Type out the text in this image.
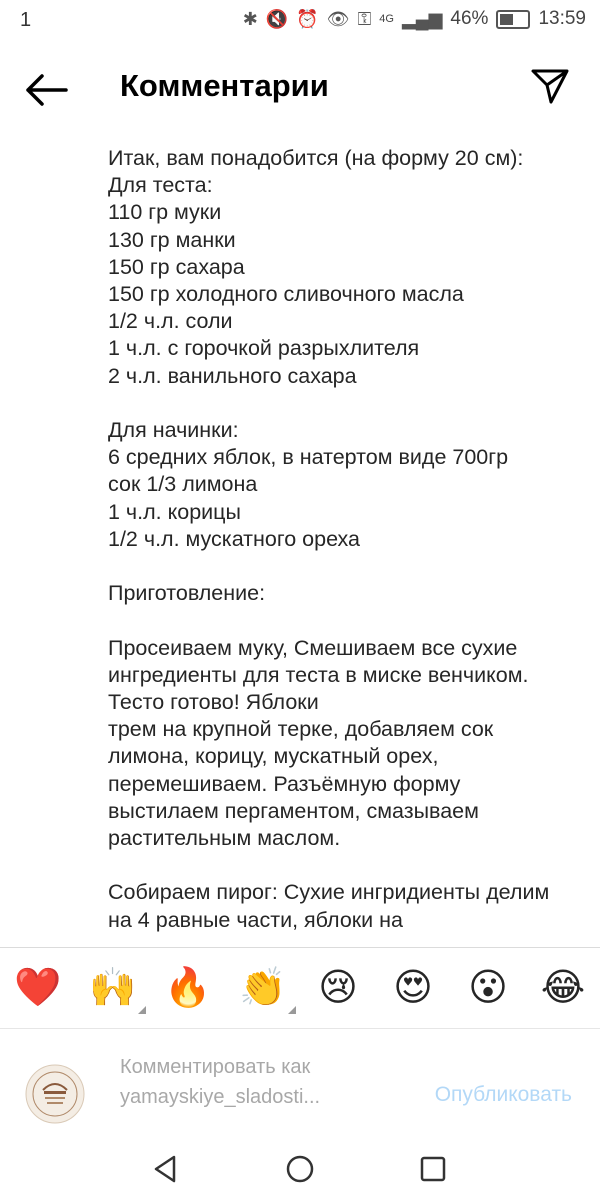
1	✱ 🔇 ⏰ 👁 ⚿ 4G ▂▄▆ 46%	13:59
Комментарии

Итак, вам понадобится (на форму 20 см):
Для теста:
110 гр муки
130 гр манки
150 гр сахара
150 гр холодного сливочного масла
1/2 ч.л. соли
1 ч.л. с горочкой разрыхлителя
2 ч.л. ванильного сахара

Для начинки:
6 средних яблок, в натертом виде 700гр
сок 1/3 лимона
1 ч.л. корицы
1/2 ч.л. мускатного ореха

Приготовление:

Просеиваем муку, Смешиваем все сухие ингредиенты для теста в миске венчиком. Тесто готово! Яблоки
трем на крупной терке, добавляем сок лимона, корицу, мускатный орех, перемешиваем. Разъёмную форму выстилаем пергаментом, смазываем растительным маслом.

Собираем пирог: Сухие ингридиенты делим на 4 равные части, яблоки на

❤️ 🙌 🔥 👏 😢 😍 😮 😂
Комментировать как yamayskiye_sladosti...
Опубликовать
